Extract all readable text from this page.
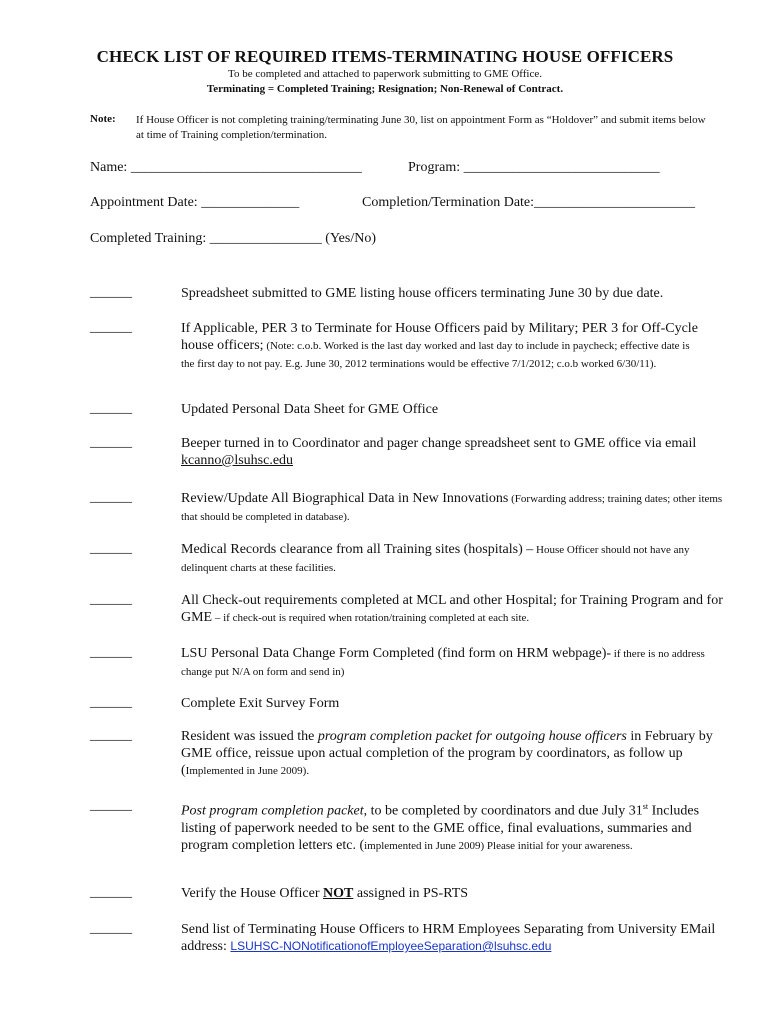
CHECK LIST OF REQUIRED ITEMS-TERMINATING HOUSE OFFICERS
To be completed and attached to paperwork submitting to GME Office.
Terminating = Completed Training; Resignation; Non-Renewal of Contract.
Note: If House Officer is not completing training/terminating June 30, list on appointment Form as “Holdover” and submit items below at time of Training completion/termination.
Name: _________________________________	Program: ____________________________
Appointment Date: ______________	Completion/Termination Date:_______________________
Completed Training: ________________ (Yes/No)
______	Spreadsheet submitted to GME listing house officers terminating June 30 by due date.
______	If Applicable, PER 3 to Terminate for House Officers paid by Military; PER 3 for Off-Cycle house officers; (Note: c.o.b. Worked is the last day worked and last day to include in paycheck; effective date is the first day to not pay. E.g. June 30, 2012 terminations would be effective 7/1/2012; c.o.b worked 6/30/11).
______	Updated Personal Data Sheet for GME Office
______	Beeper turned in to Coordinator and pager change spreadsheet sent to GME office via email kcanno@lsuhsc.edu
______	Review/Update All Biographical Data in New Innovations (Forwarding address; training dates; other items that should be completed in database).
______	Medical Records clearance from all Training sites (hospitals) – House Officer should not have any delinquent charts at these facilities.
______	All Check-out requirements completed at MCL and other Hospital; for Training Program and for GME – if check-out is required when rotation/training completed at each site.
______	LSU Personal Data Change Form Completed (find form on HRM webpage)- if there is no address change put N/A on form and send in)
______	Complete Exit Survey Form
______	Resident was issued the program completion packet for outgoing house officers in February by GME office, reissue upon actual completion of the program by coordinators, as follow up (Implemented in June 2009).
______	Post program completion packet, to be completed by coordinators and due July 31st Includes listing of paperwork needed to be sent to the GME office, final evaluations, summaries and program completion letters etc. (implemented in June 2009) Please initial for your awareness.
______	Verify the House Officer NOT assigned in PS-RTS
______	Send list of Terminating House Officers to HRM Employees Separating from University EMail address: LSUHSC-NONotificationofEmployeeSeparation@lsuhsc.edu
